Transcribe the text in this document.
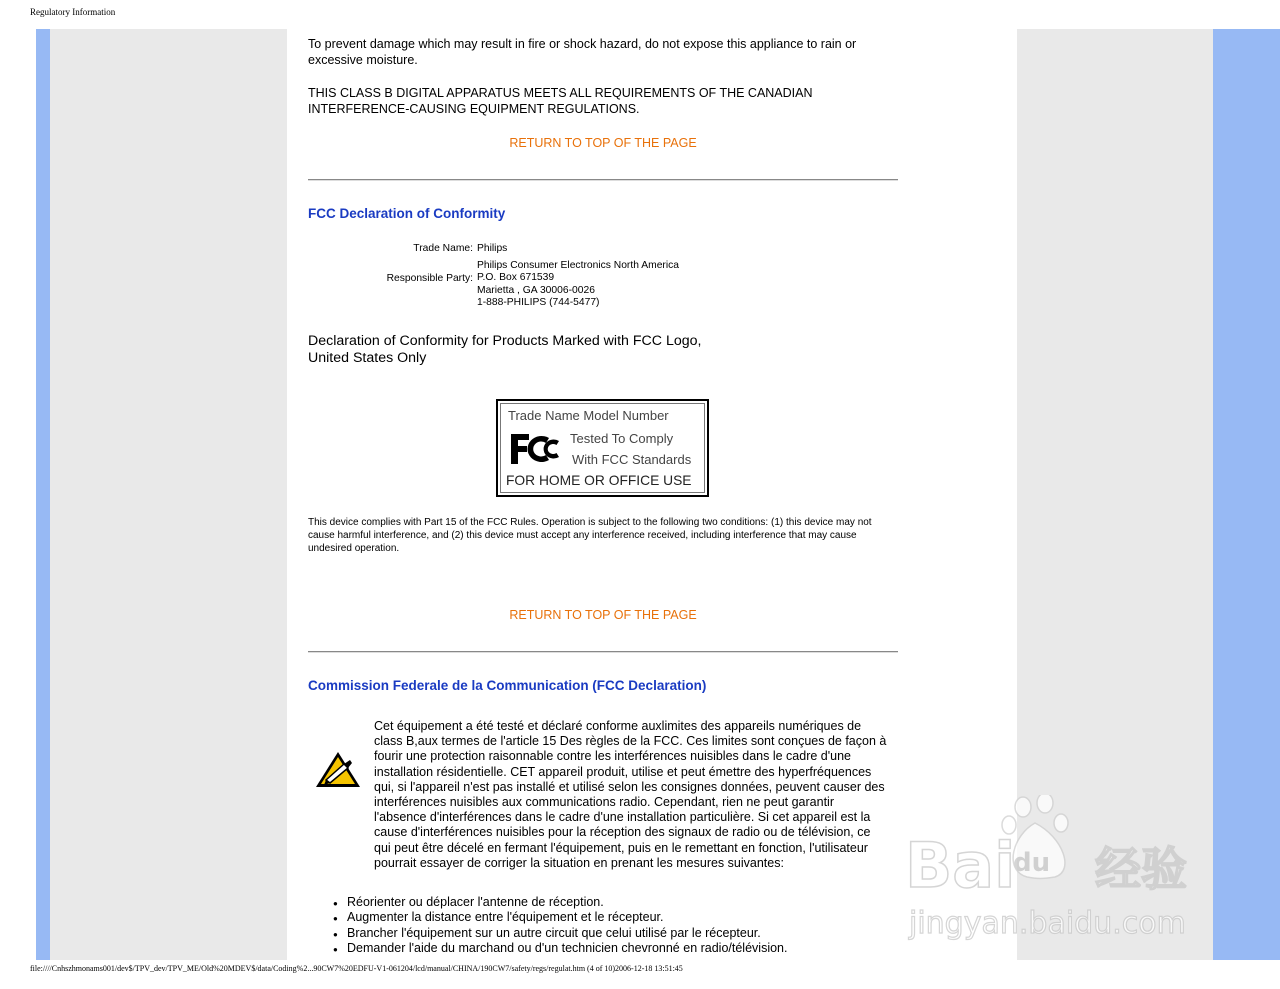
Regulatory Information
To prevent damage which may result in fire or shock hazard, do not expose this appliance to rain or excessive moisture.
THIS CLASS B DIGITAL APPARATUS MEETS ALL REQUIREMENTS OF THE CANADIAN INTERFERENCE-CAUSING EQUIPMENT REGULATIONS.
RETURN TO TOP OF THE PAGE
FCC Declaration of Conformity
Trade Name: Philips
Responsible Party:
Philips Consumer Electronics North America
P.O. Box 671539
Marietta , GA 30006-0026
1-888-PHILIPS (744-5477)
Declaration of Conformity for Products Marked with FCC Logo,
United States Only
Trade Name Model Number
Tested To Comply
With FCC Standards
FOR HOME OR OFFICE USE
This device complies with Part 15 of the FCC Rules. Operation is subject to the following two conditions: (1) this device may not cause harmful interference, and (2) this device must accept any interference received, including interference that may cause undesired operation.
RETURN TO TOP OF THE PAGE
Commission Federale de la Communication (FCC Declaration)
Cet équipement a été testé et déclaré conforme auxlimites des appareils numériques de class B,aux termes de l'article 15 Des règles de la FCC. Ces limites sont conçues de façon à fourir une protection raisonnable contre les interférences nuisibles dans le cadre d'une installation résidentielle. CET appareil produit, utilise et peut émettre des hyperfréquences qui, si l'appareil n'est pas installé et utilisé selon les consignes données, peuvent causer des interférences nuisibles aux communications radio. Cependant, rien ne peut garantir l'absence d'interférences dans le cadre d'une installation particulière. Si cet appareil est la cause d'interférences nuisibles pour la réception des signaux de radio ou de télévision, ce qui peut être décelé en fermant l'équipement, puis en le remettant en fonction, l'utilisateur pourrait essayer de corriger la situation en prenant les mesures suivantes:
● Réorienter ou déplacer l'antenne de réception.
● Augmenter la distance entre l'équipement et le récepteur.
● Brancher l'équipement sur un autre circuit que celui utilisé par le récepteur.
● Demander l'aide du marchand ou d'un technicien chevronné en radio/télévision.
Bai
du 经验
jingyan.baidu.com
file:////Cnhszhmonams001/dev$/TPV_dev/TPV_ME/Old%20MDEV$/data/Coding%2...90CW7%20EDFU-V1-061204/lcd/manual/CHINA/190CW7/safety/regs/regulat.htm (4 of 10)2006-12-18 13:51:45
